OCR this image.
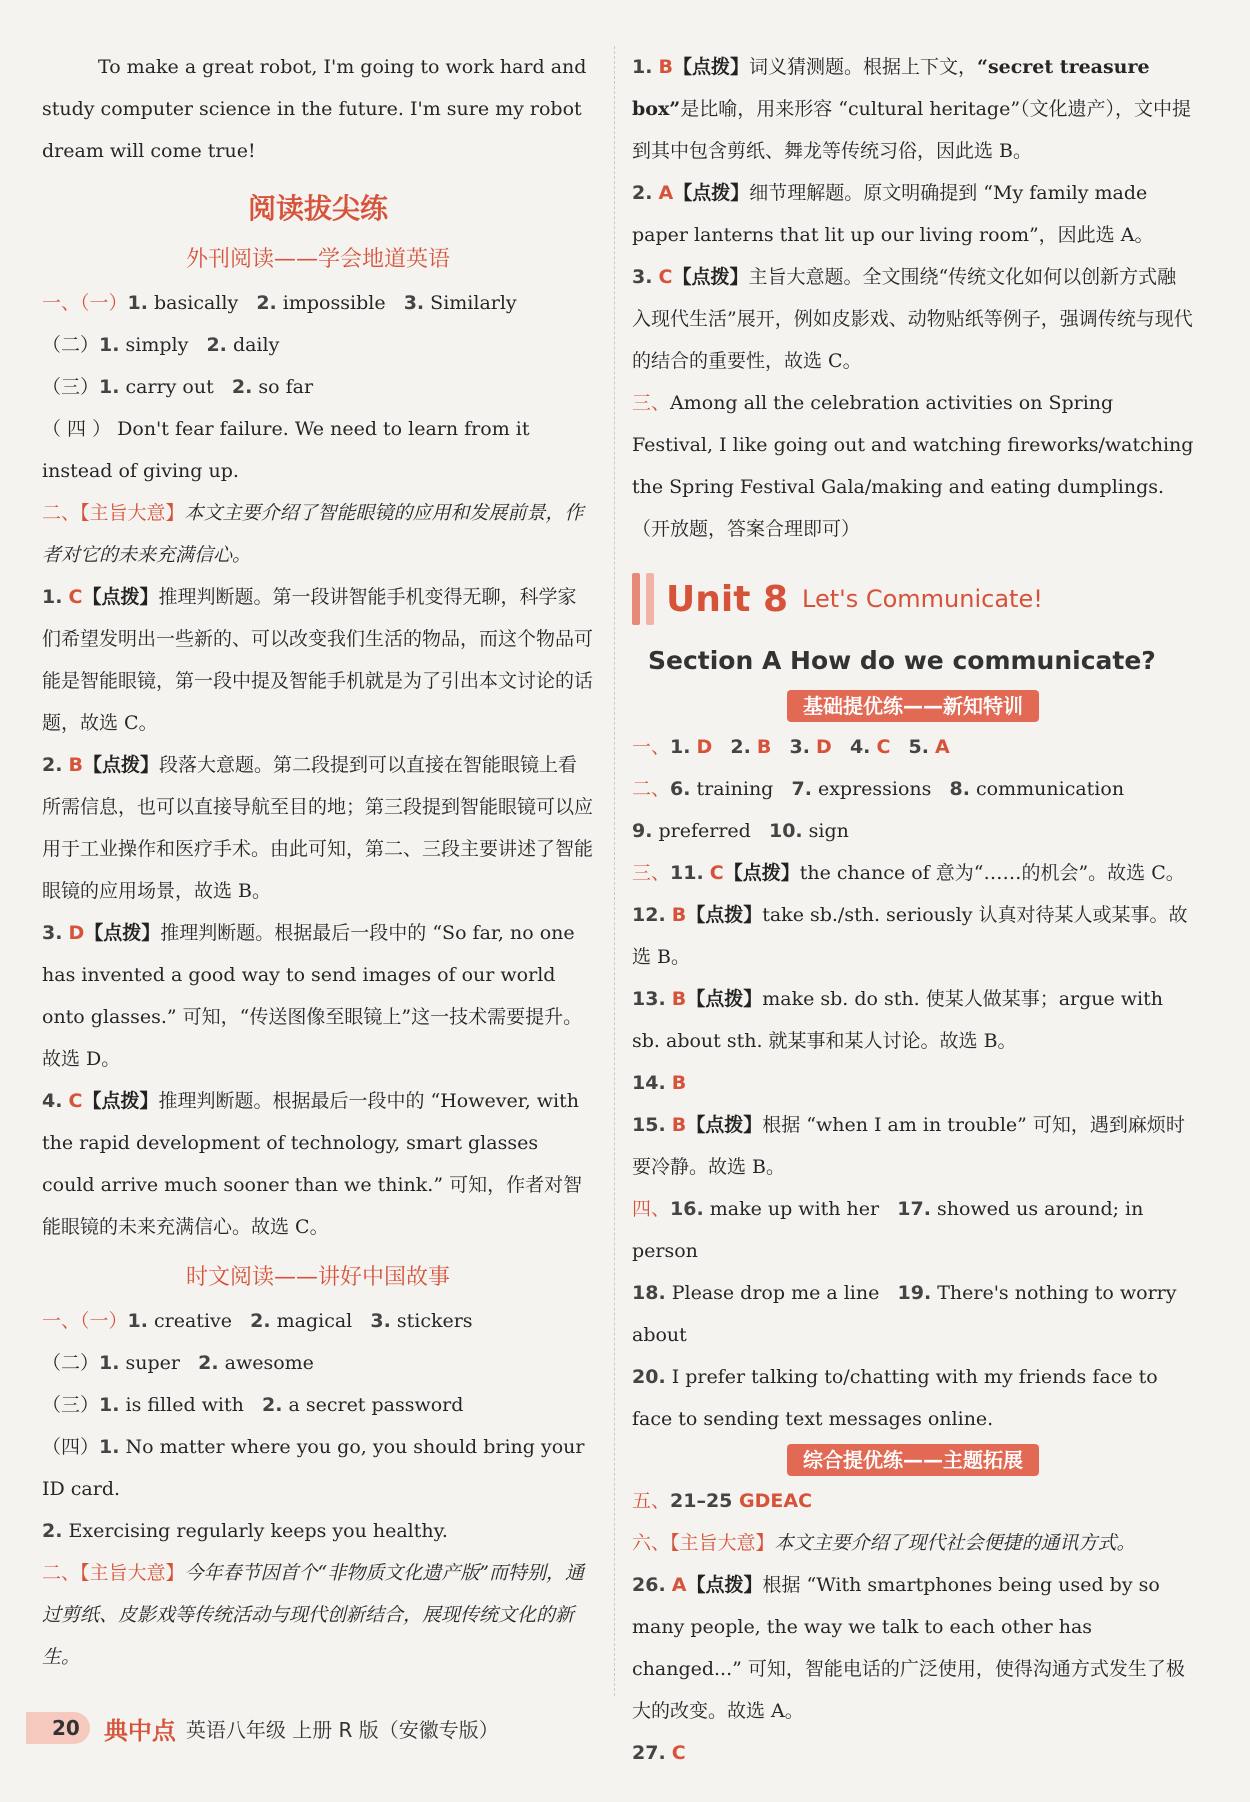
To make a great robot, I'm going to work hard and study computer science in the future. I'm sure my robot dream will come true!

阅读拔尖练
外刊阅读——学会地道英语

一、（一）1. basically 2. impossible 3. Similarly

（二）1. simply 2. daily

（三）1. carry out 2. so far

（ 四 ） Don't fear failure. We need to learn from it instead of giving up.

二、【主旨大意】本文主要介绍了智能眼镜的应用和发展前景，作者对它的未来充满信心。

1. C【点拨】推理判断题。第一段讲智能手机变得无聊，科学家们希望发明出一些新的、可以改变我们生活的物品，而这个物品可能是智能眼镜，第一段中提及智能手机就是为了引出本文讨论的话题，故选 C。

2. B【点拨】段落大意题。第二段提到可以直接在智能眼镜上看所需信息，也可以直接导航至目的地；第三段提到智能眼镜可以应用于工业操作和医疗手术。由此可知，第二、三段主要讲述了智能眼镜的应用场景，故选 B。

3. D【点拨】推理判断题。根据最后一段中的 “So far, no one has invented a good way to send images of our world onto glasses.” 可知，“传送图像至眼镜上”这一技术需要提升。故选 D。

4. C【点拨】推理判断题。根据最后一段中的 “However, with the rapid development of technology, smart glasses could arrive much sooner than we think.” 可知，作者对智能眼镜的未来充满信心。故选 C。

时文阅读——讲好中国故事

一、（一）1. creative 2. magical 3. stickers

（二）1. super 2. awesome

（三）1. is filled with 2. a secret password

（四）1. No matter where you go, you should bring your ID card.

2. Exercising regularly keeps you healthy.

二、【主旨大意】今年春节因首个“非物质文化遗产版”而特别，通过剪纸、皮影戏等传统活动与现代创新结合，展现传统文化的新生。

1. B【点拨】词义猜测题。根据上下文，“secret treasure box”是比喻，用来形容 “cultural heritage”（文化遗产），文中提到其中包含剪纸、舞龙等传统习俗，因此选 B。

2. A【点拨】细节理解题。原文明确提到 “My family made paper lanterns that lit up our living room”，因此选 A。

3. C【点拨】主旨大意题。全文围绕“传统文化如何以创新方式融入现代生活”展开，例如皮影戏、动物贴纸等例子，强调传统与现代的结合的重要性，故选 C。

三、Among all the celebration activities on Spring Festival, I like going out and watching fireworks/watching the Spring Festival Gala/making and eating dumplings.（开放题，答案合理即可）

Unit 8 Let's Communicate!
Section A How do we communicate?
基础提优练——新知特训

一、1. D 2. B 3. D 4. C 5. A

二、6. training 7. expressions 8. communication

9. preferred 10. sign

三、11. C【点拨】the chance of 意为“……的机会”。故选 C。

12. B【点拨】take sb./sth. seriously 认真对待某人或某事。故选 B。

13. B【点拨】make sb. do sth. 使某人做某事；argue with sb. about sth. 就某事和某人讨论。故选 B。

14. B

15. B【点拨】根据 “when I am in trouble” 可知，遇到麻烦时要冷静。故选 B。

四、16. make up with her 17. showed us around; in person

18. Please drop me a line 19. There's nothing to worry about

20. I prefer talking to/chatting with my friends face to face to sending text messages online.

综合提优练——主题拓展

五、21–25 GDEAC

六、【主旨大意】本文主要介绍了现代社会便捷的通讯方式。

26. A【点拨】根据 “With smartphones being used by so many people, the way we talk to each other has changed...” 可知，智能电话的广泛使用，使得沟通方式发生了极大的改变。故选 A。

27. C

20	典中点 英语八年级 上册 R 版（安徽专版）
